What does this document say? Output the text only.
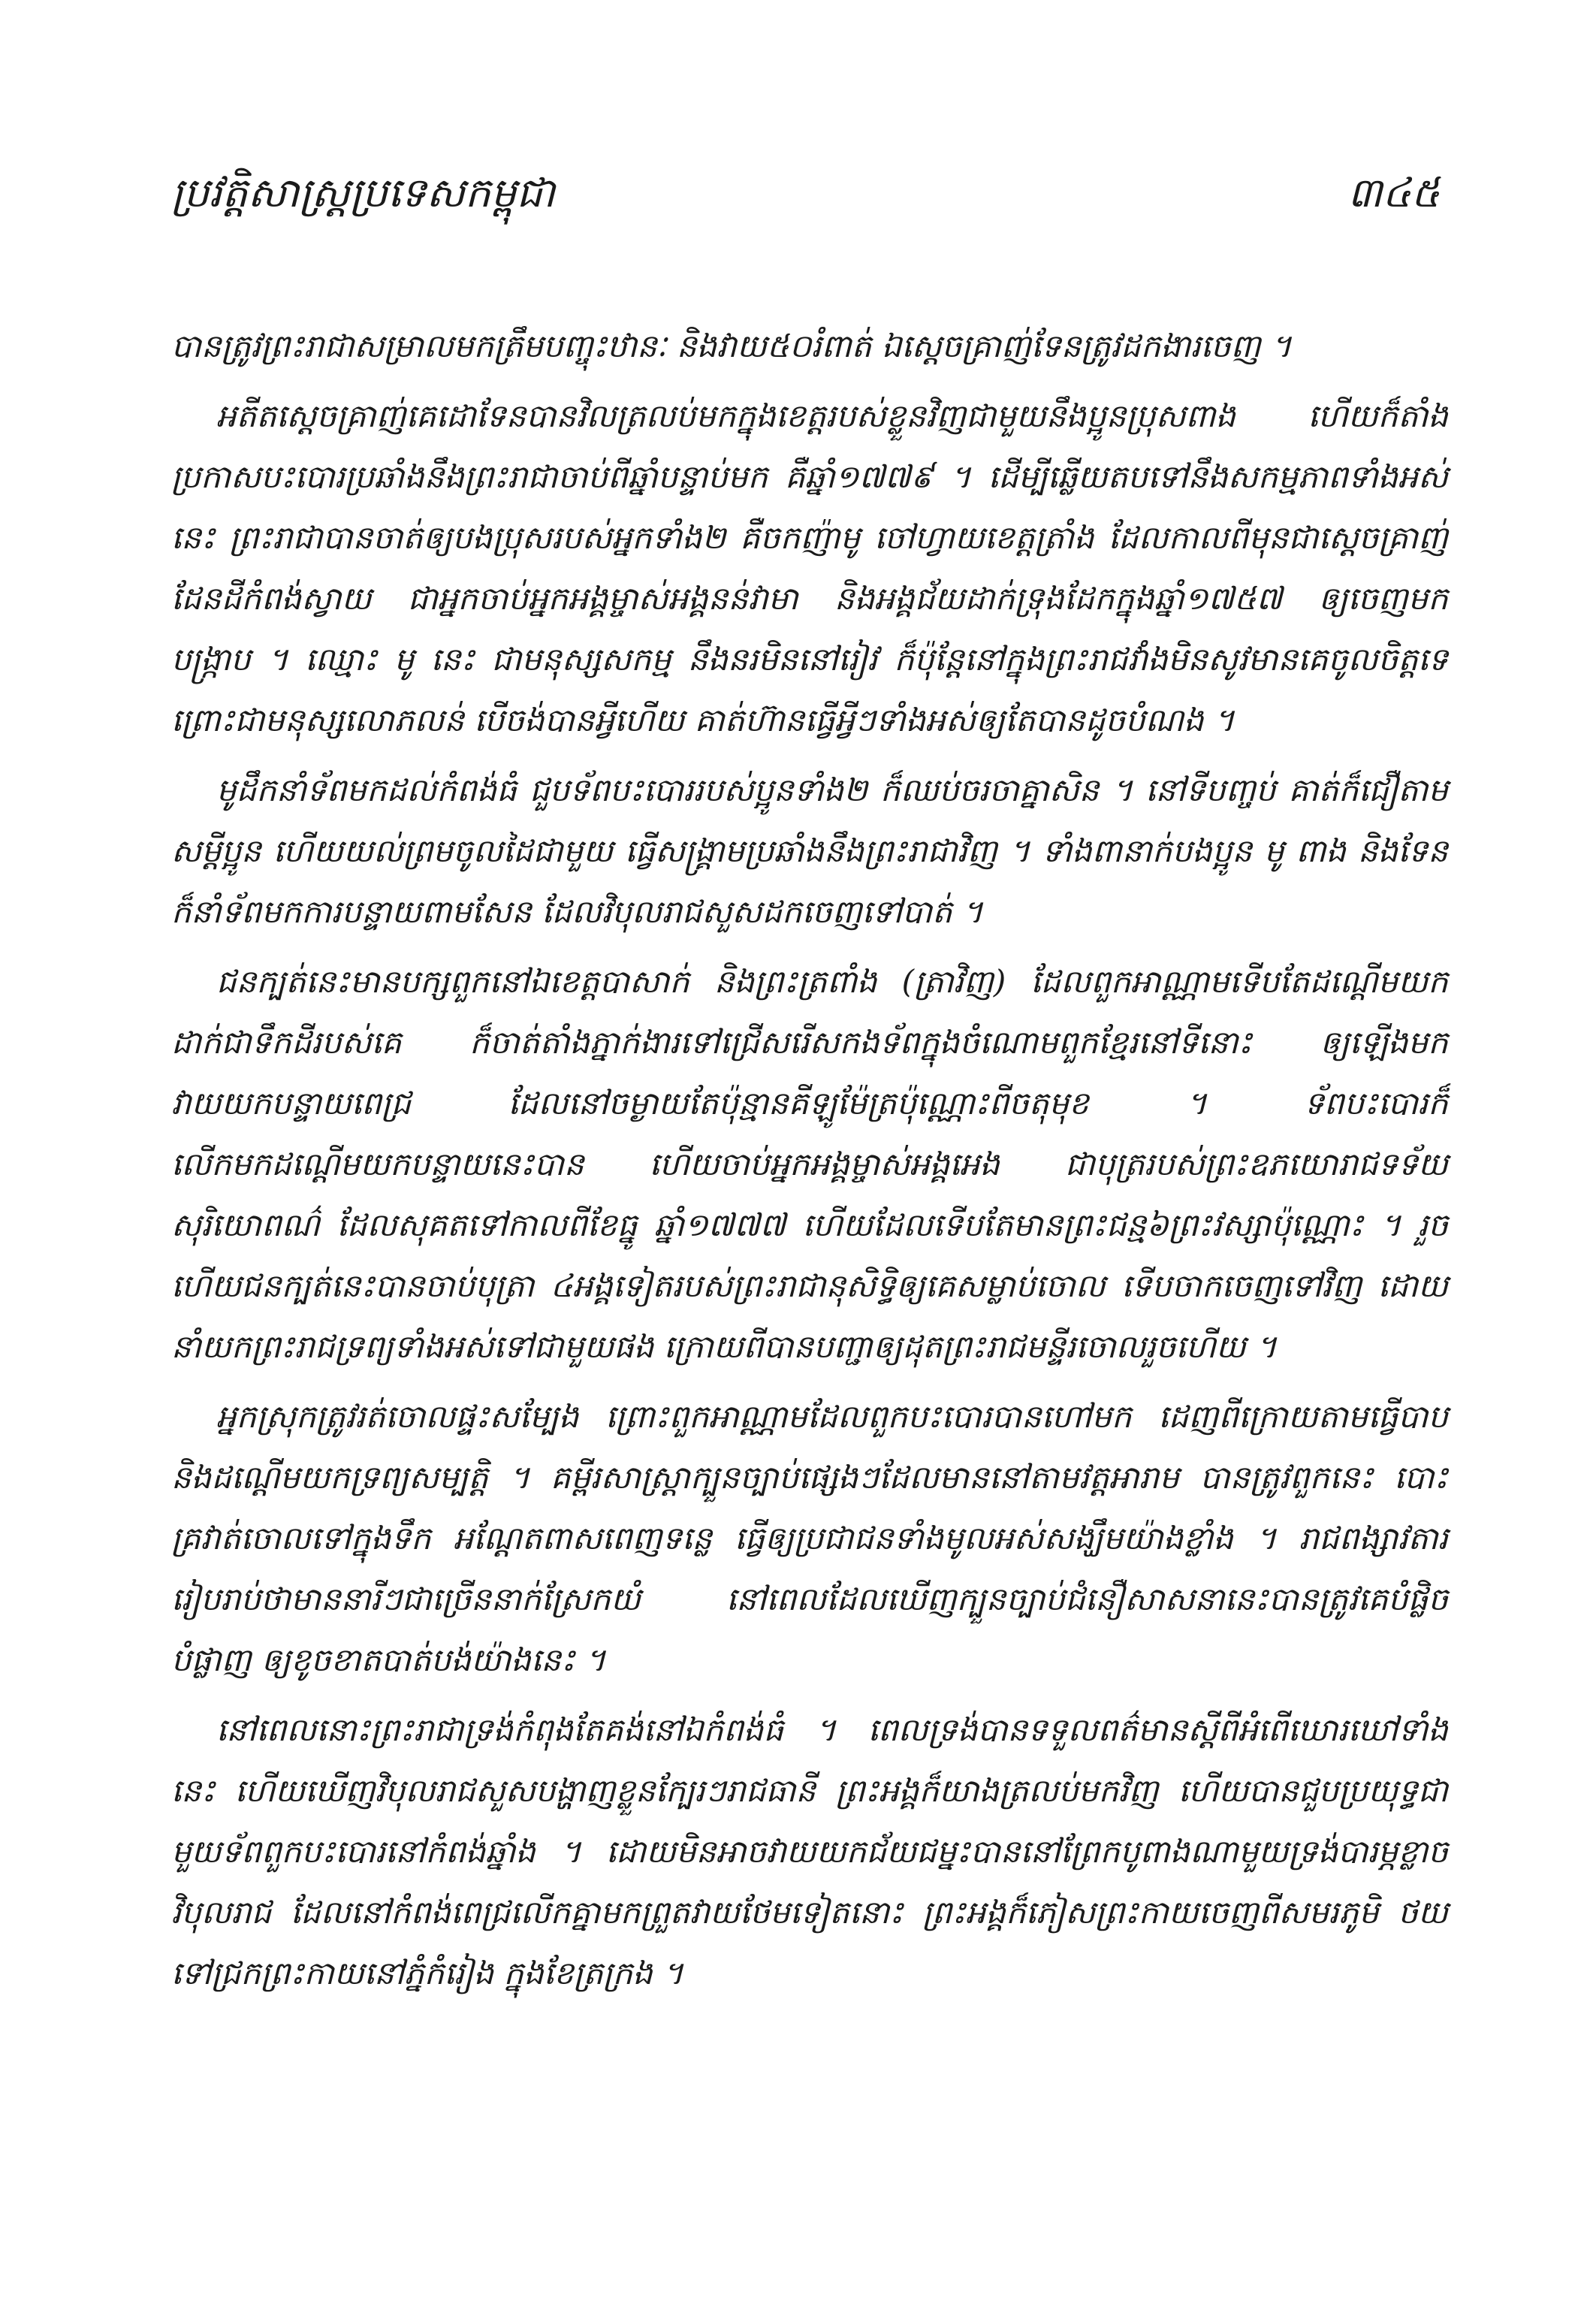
ប្រវត្តិសាស្ត្រប្រទេសកម្ពុជា	៣៤៥

បានត្រូវព្រះរាជាសម្រាលមកត្រឹមបញ្ចុះឋានៈ និងវាយ៥០រំពាត់ ឯស្តេចគ្រាញ់ទែនត្រូវដកងារចេញ ។

អតីតស្តេចគ្រាញ់គេដោទែនបានវិលត្រលប់មកក្នុងខេត្តរបស់ខ្លួនវិញជាមួយនឹងប្អូនប្រុសពាង ហើយក៏តាំងប្រកាសបះបោរប្រឆាំងនឹងព្រះរាជាចាប់ពីឆ្នាំបន្ទាប់មក គឺឆ្នាំ១៧៧៩ ។ ដើម្បីឆ្លើយតបទៅនឹងសកម្មភាពទាំងអស់នេះ ព្រះរាជាបានចាត់ឲ្យបងប្រុសរបស់អ្នកទាំង២ គឺចកញ៉ាមូ ចៅហ្វាយខេត្តត្រាំង ដែលកាលពីមុនជាស្តេចគ្រាញ់ដែនដីកំពង់ស្វាយ ជាអ្នកចាប់អ្នកអង្គម្ចាស់អង្គនន់វាមា និងអង្គជ័យដាក់ទ្រុងដែកក្នុងឆ្នាំ១៧៥៧ ឲ្យចេញមកបង្ក្រាប ។ ឈ្មោះ មូ នេះ ជាមនុស្សសកម្ម នឹងនរមិននៅរៀវ ក៏ប៉ុន្តែនៅក្នុងព្រះរាជវាំងមិនសូវមានគេចូលចិត្តទេ ព្រោះជាមនុស្សលោភលន់ បើចង់បានអ្វីហើយ គាត់ហ៊ានធ្វើអ្វីៗទាំងអស់ឲ្យតែបានដូចបំណង ។

មូដឹកនាំទ័ពមកដល់កំពង់ធំ ជួបទ័ពបះបោររបស់ប្អូនទាំង២ ក៏ឈប់ចរចាគ្នាសិន ។ នៅទីបញ្ចប់ គាត់ក៏ជឿតាមសម្តីប្អូន ហើយយល់ព្រមចូលដៃជាមួយ ធ្វើសង្គ្រាមប្រឆាំងនឹងព្រះរាជាវិញ ។ ទាំងពានាក់បងប្អូន មូ ពាង និងទែន ក៏នាំទ័ពមកការបន្ទាយពាមសែន ដែលវិបុលរាជសួសដកចេញទៅបាត់ ។

ជនក្បត់នេះមានបក្សពួកនៅឯខេត្តបាសាក់ និងព្រះត្រពាំង (ត្រាវិញ) ដែលពួកអាណ្ណាមទើបតែដណ្តើមយកដាក់ជាទឹកដីរបស់គេ ក៏ចាត់តាំងភ្នាក់ងារទៅជ្រើសរើសកងទ័ពក្នុងចំណោមពួកខ្មែរនៅទីនោះ ឲ្យឡើងមកវាយយកបន្ទាយពេជ្រ ដែលនៅចម្ងាយតែប៉ុន្មានគីឡូម៉ែត្រប៉ុណ្ណោះពីចតុមុខ ។ ទ័ពបះបោរក៏លើកមកដណ្តើមយកបន្ទាយនេះបាន ហើយចាប់អ្នកអង្គម្ចាស់អង្គអេង ជាបុត្ររបស់ព្រះឧភយោរាជទទ័យសុរិយោពណ៌ ដែលសុគតទៅកាលពីខែធ្នូ ឆ្នាំ១៧៧៧ ហើយដែលទើបតែមានព្រះជន្ម៦ព្រះវស្សាប៉ុណ្ណោះ ។ រួចហើយជនក្បត់នេះបានចាប់បុត្រា ៤អង្គទៀតរបស់ព្រះរាជានុសិទ្ធិឲ្យគេសម្លាប់ចោល ទើបចាកចេញទៅវិញ ដោយនាំយកព្រះរាជទ្រព្យទាំងអស់ទៅជាមួយផង ក្រោយពីបានបញ្ជាឲ្យដុតព្រះរាជមន្ទីរចោលរួចហើយ ។

អ្នកស្រុកត្រូវរត់ចោលផ្ទះសម្បែង ព្រោះពួកអាណ្ណាមដែលពួកបះបោរបានហៅមក ដេញពីក្រោយតាមធ្វើបាប និងដណ្តើមយកទ្រព្យសម្បត្តិ ។ គម្ពីរសាស្ត្រាក្បួនច្បាប់ផ្សេងៗដែលមាននៅតាមវត្តអារាម បានត្រូវពួកនេះ បោះគ្រវាត់ចោលទៅក្នុងទឹក អណ្តែតពាសពេញទន្លេ ធ្វើឲ្យប្រជាជនទាំងមូលអស់សង្ឃឹមយ៉ាងខ្លាំង ។ រាជពង្សាវតាររៀបរាប់ថាមាននារីៗជាច្រើននាក់ស្រែកយំ នៅពេលដែលឃើញក្បួនច្បាប់ជំនឿសាសនានេះបានត្រូវគេបំផ្លិចបំផ្លាញ ឲ្យខូចខាតបាត់បង់យ៉ាងនេះ ។

នៅពេលនោះព្រះរាជាទ្រង់កំពុងតែគង់នៅឯកំពង់ធំ ។ ពេលទ្រង់បានទទួលពត៌មានស្តីពីអំពើឃោរឃៅទាំងនេះ ហើយឃើញវិបុលរាជសួសបង្ហាញខ្លួនក្បែរៗរាជធានី ព្រះអង្គក៏យាងត្រលប់មកវិញ ហើយបានជួបប្រយុទ្ធជាមួយទ័ពពួកបះបោរនៅកំពង់ឆ្នាំង ។ ដោយមិនអាចវាយយកជ័យជម្នះបាននៅព្រែកបូពាងណាមួយទ្រង់បារម្ភខ្លាចវិបុលរាជ ដែលនៅកំពង់ពេជ្រលើកគ្នាមកព្រួតវាយថែមទៀតនោះ ព្រះអង្គក៏ភៀសព្រះកាយចេញពីសមរភូមិ ថយទៅជ្រកព្រះកាយនៅភ្នំកំរៀង ក្នុងខែត្រក្រង ។
